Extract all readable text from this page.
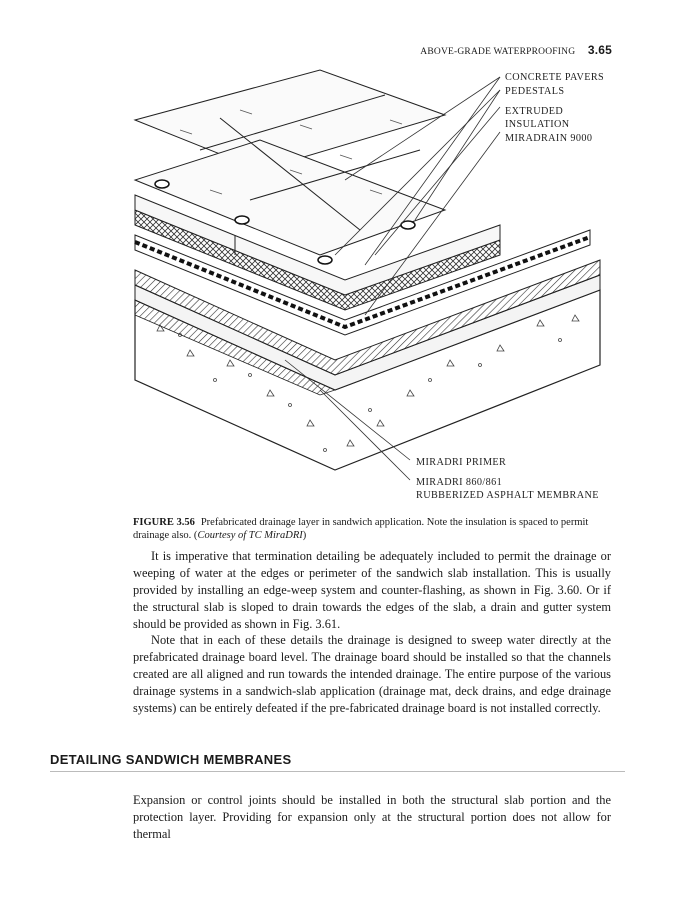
ABOVE-GRADE WATERPROOFING 3.65
CONCRETE PAVERS
PEDESTALS
EXTRUDED
INSULATION
MIRADRAIN 9000
MIRADRI PRIMER
MIRADRI 860/861
RUBBERIZED ASPHALT MEMBRANE
FIGURE 3.56 Prefabricated drainage layer in sandwich application. Note the insulation is spaced to permit drainage also. (Courtesy of TC MiraDRI)

It is imperative that termination detailing be adequately included to permit the drainage or weeping of water at the edges or perimeter of the sandwich slab installation. This is usually provided by installing an edge-weep system and counter-flashing, as shown in Fig. 3.60. Or if the structural slab is sloped to drain towards the edges of the slab, a drain and gutter system should be provided as shown in Fig. 3.61.

Note that in each of these details the drainage is designed to sweep water directly at the prefabricated drainage board level. The drainage board should be installed so that the channels created are all aligned and run towards the intended drainage. The entire purpose of the various drainage systems in a sandwich-slab application (drainage mat, deck drains, and edge drainage systems) can be entirely defeated if the pre-fabricated drainage board is not installed correctly.

DETAILING SANDWICH MEMBRANES

Expansion or control joints should be installed in both the structural slab portion and the protection layer. Providing for expansion only at the structural portion does not allow for thermal
